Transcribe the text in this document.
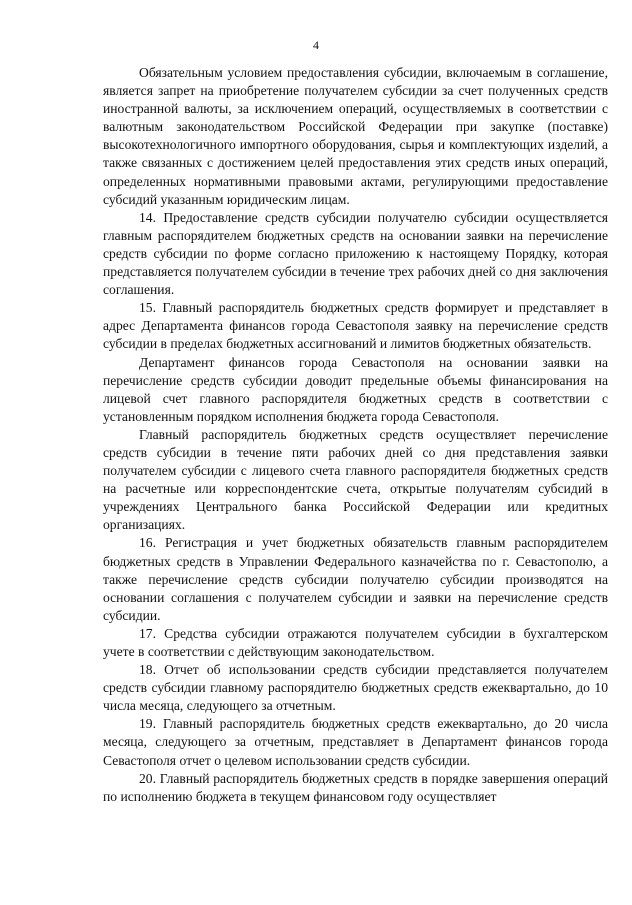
4

Обязательным условием предоставления субсидии, включаемым в соглашение, является запрет на приобретение получателем субсидии за счет полученных средств иностранной валюты, за исключением операций, осуществляемых в соответствии с валютным законодательством Российской Федерации при закупке (поставке) высокотехнологичного импортного оборудования, сырья и комплектующих изделий, а также связанных с достижением целей предоставления этих средств иных операций, определенных нормативными правовыми актами, регулирующими предоставление субсидий указанным юридическим лицам.

14. Предоставление средств субсидии получателю субсидии осуществляется главным распорядителем бюджетных средств на основании заявки на перечисление средств субсидии по форме согласно приложению к настоящему Порядку, которая представляется получателем субсидии в течение трех рабочих дней со дня заключения соглашения.

15. Главный распорядитель бюджетных средств формирует и представляет в адрес Департамента финансов города Севастополя заявку на перечисление средств субсидии в пределах бюджетных ассигнований и лимитов бюджетных обязательств.

Департамент финансов города Севастополя на основании заявки на перечисление средств субсидии доводит предельные объемы финансирования на лицевой счет главного распорядителя бюджетных средств в соответствии с установленным порядком исполнения бюджета города Севастополя.

Главный распорядитель бюджетных средств осуществляет перечисление средств субсидии в течение пяти рабочих дней со дня представления заявки получателем субсидии с лицевого счета главного распорядителя бюджетных средств на расчетные или корреспондентские счета, открытые получателям субсидий в учреждениях Центрального банка Российской Федерации или кредитных организациях.

16. Регистрация и учет бюджетных обязательств главным распорядителем бюджетных средств в Управлении Федерального казначейства по г. Севастополю, а также перечисление средств субсидии получателю субсидии производятся на основании соглашения с получателем субсидии и заявки на перечисление средств субсидии.

17. Средства субсидии отражаются получателем субсидии в бухгалтерском учете в соответствии с действующим законодательством.

18. Отчет об использовании средств субсидии представляется получателем средств субсидии главному распорядителю бюджетных средств ежеквартально, до 10 числа месяца, следующего за отчетным.

19. Главный распорядитель бюджетных средств ежеквартально, до 20 числа месяца, следующего за отчетным, представляет в Департамент финансов города Севастополя отчет о целевом использовании средств субсидии.

20. Главный распорядитель бюджетных средств в порядке завершения операций по исполнению бюджета в текущем финансовом году осуществляет
